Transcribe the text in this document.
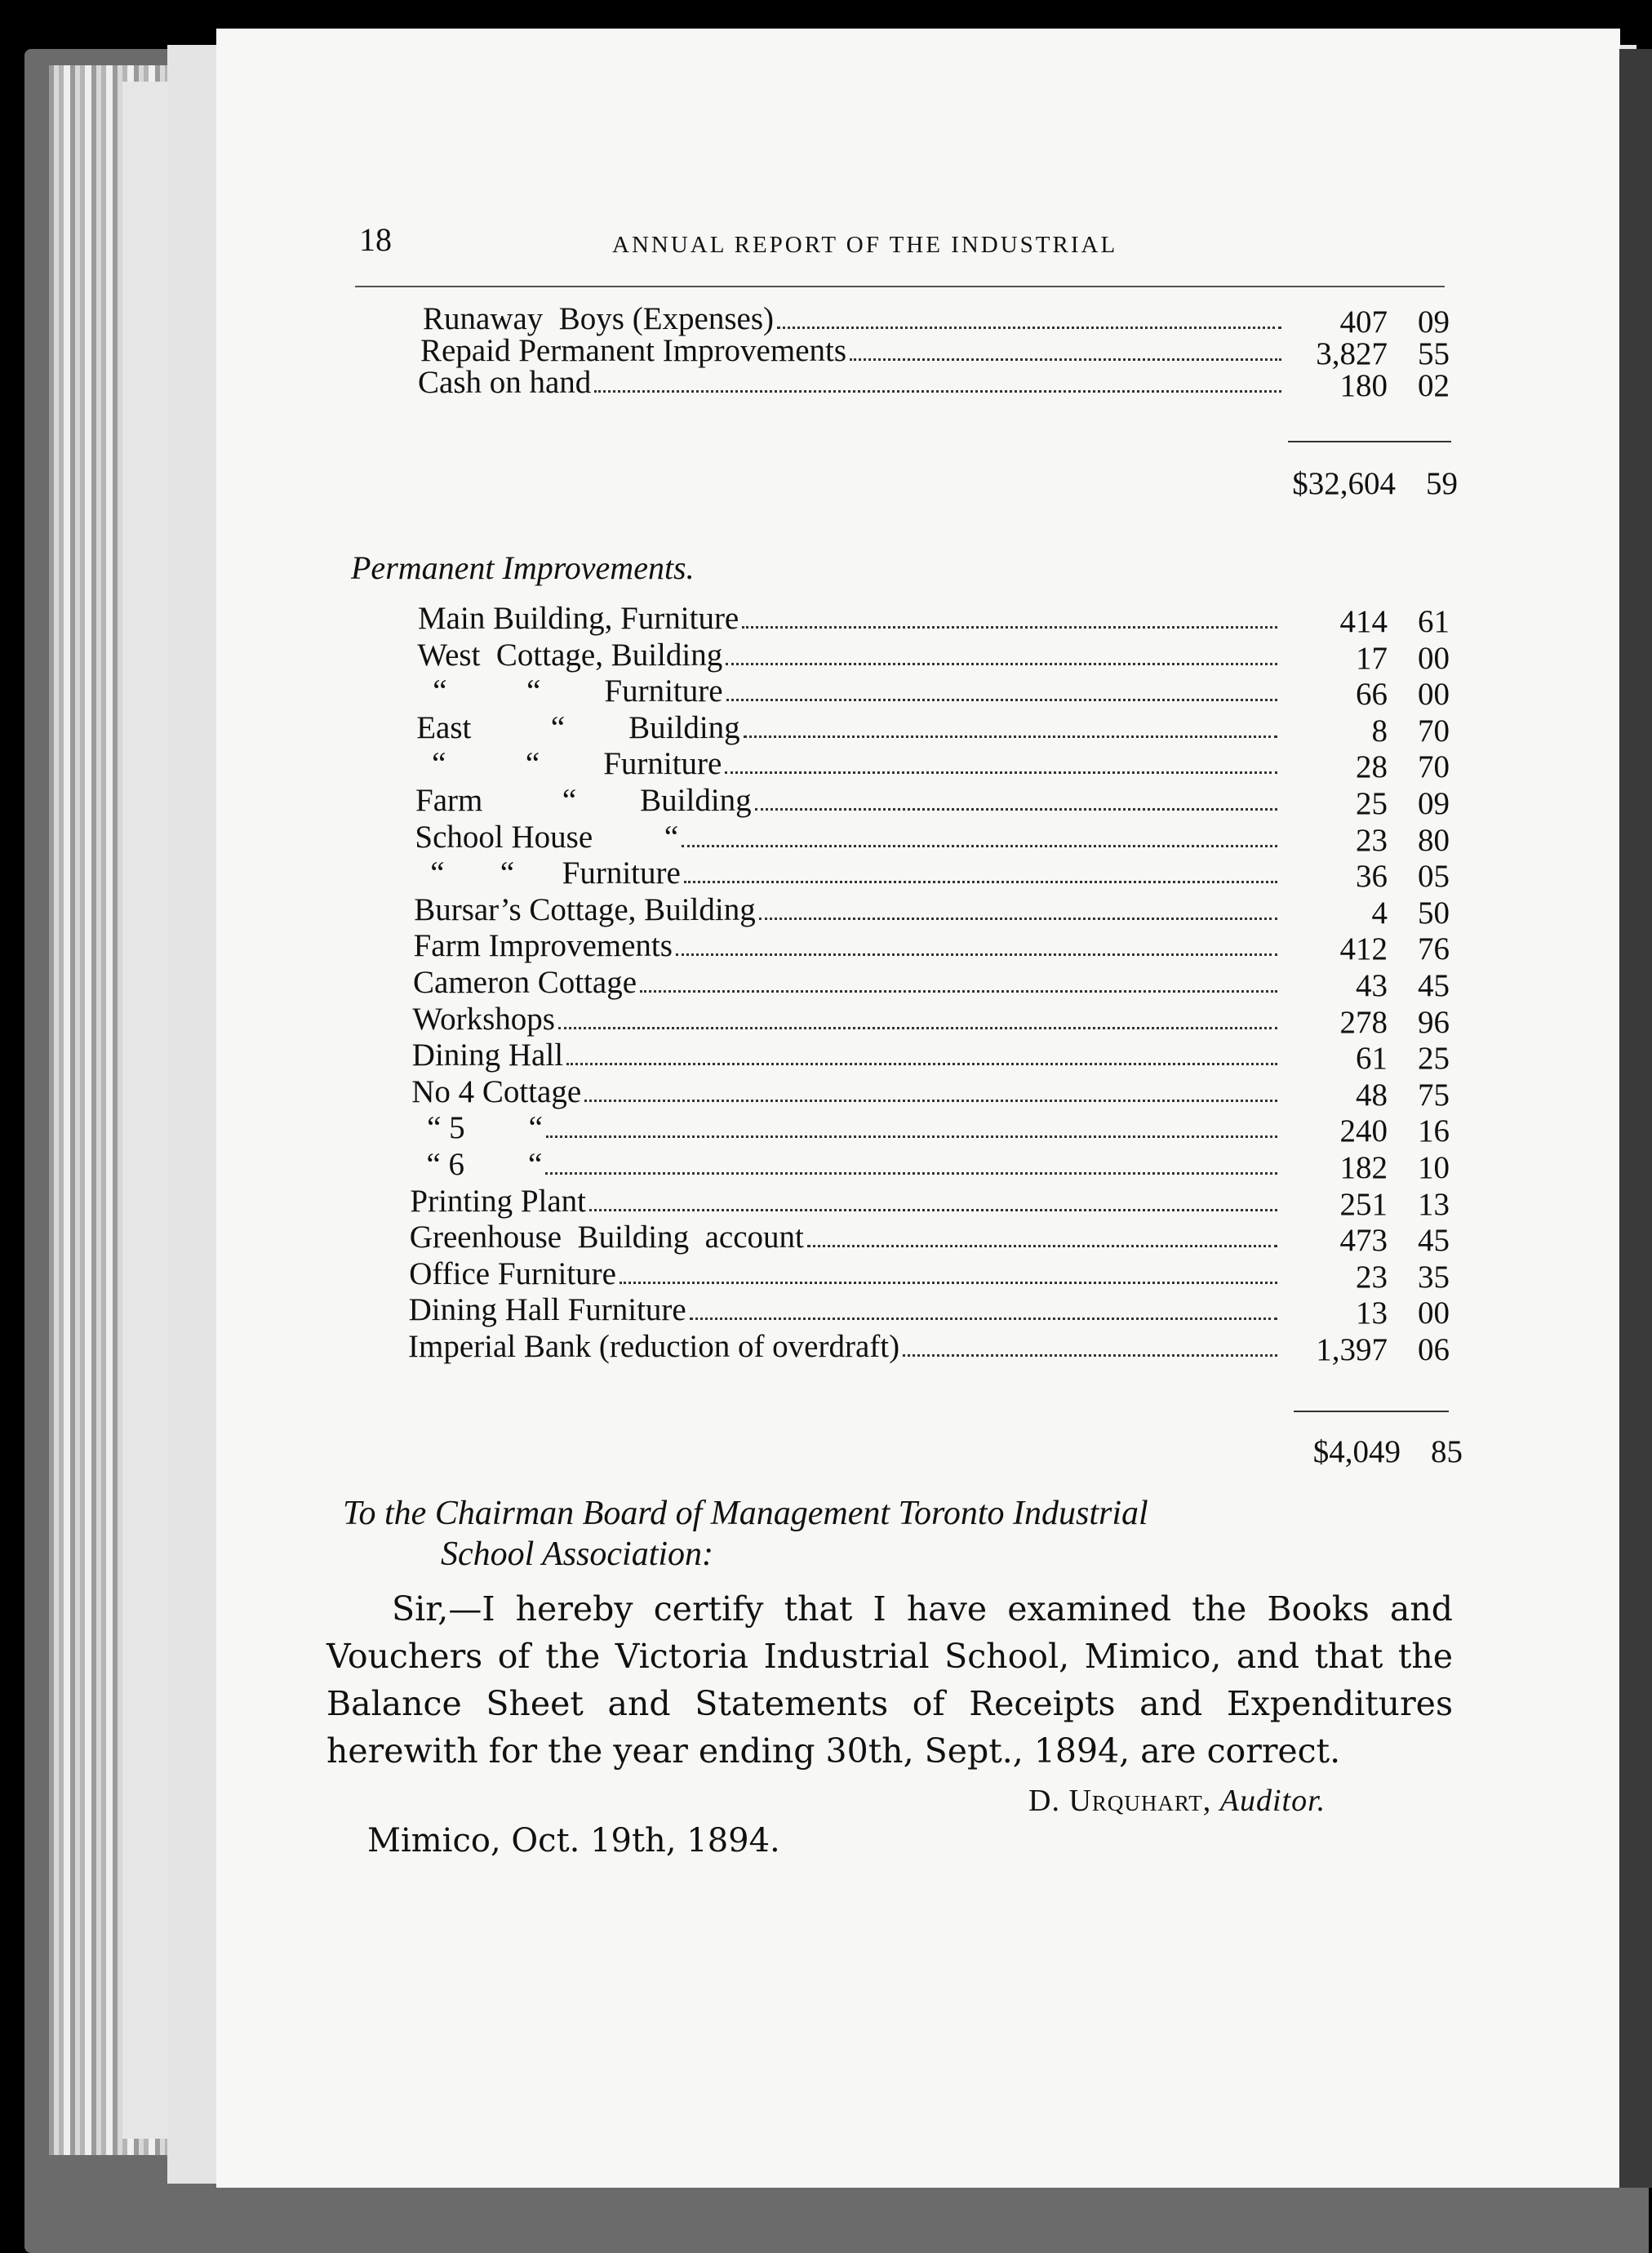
18	ANNUAL REPORT OF THE INDUSTRIAL
Runaway  Boys (Expenses)	407 09
Repaid Permanent Improvements	3,827 55
Cash on hand	180 02
$32,604 59
Permanent Improvements.
Main Building, Furniture	414 61
West  Cottage, Building	17 00
“          “        Furniture	66 00
East          “        Building	8 70
“          “        Furniture	28 70
Farm          “        Building	25 09
School House         “	23 80
“       “      Furniture	36 05
Bursar’s Cottage, Building	4 50
Farm Improvements	412 76
Cameron Cottage	43 45
Workshops	278 96
Dining Hall	61 25
No 4 Cottage	48 75
“ 5        “	240 16
“ 6        “	182 10
Printing Plant	251 13
Greenhouse  Building  account	473 45
Office Furniture	23 35
Dining Hall Furniture	13 00
Imperial Bank (reduction of overdraft)	1,397 06
$4,049 85
To the Chairman Board of Management Toronto Industrial
School Association:
Sir,—I hereby certify that I have examined the Books and Vouchers of the Victoria Industrial School, Mimico, and that the Balance Sheet and Statements of Receipts and Expenditures herewith for the year ending 30th, Sept., 1894, are correct.
D. Urquhart, Auditor.
Mimico, Oct. 19th, 1894.
